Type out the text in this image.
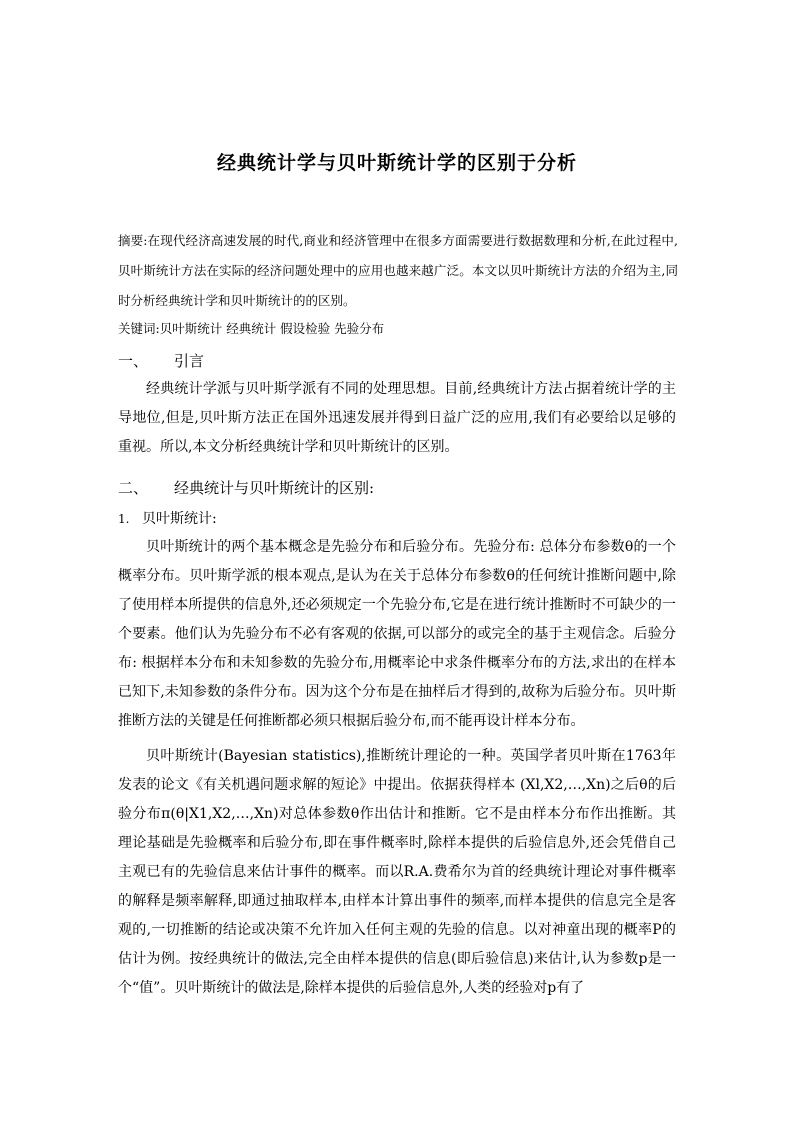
经典统计学与贝叶斯统计学的区别于分析

摘要:在现代经济高速发展的时代,商业和经济管理中在很多方面需要进行数据数理和分析,在此过程中,贝叶斯统计方法在实际的经济问题处理中的应用也越来越广泛。本文以贝叶斯统计方法的介绍为主,同时分析经典统计学和贝叶斯统计的的区别。

关键词:贝叶斯统计 经典统计 假设检验 先验分布
一、 引言

经典统计学派与贝叶斯学派有不同的处理思想。目前,经典统计方法占据着统计学的主导地位,但是,贝叶斯方法正在国外迅速发展并得到日益广泛的应用,我们有必要给以足够的重视。所以,本文分析经典统计学和贝叶斯统计的区别。

二、 经典统计与贝叶斯统计的区别:
1. 贝叶斯统计:

贝叶斯统计的两个基本概念是先验分布和后验分布。先验分布: 总体分布参数θ的一个概率分布。贝叶斯学派的根本观点,是认为在关于总体分布参数θ的任何统计推断问题中,除了使用样本所提供的信息外,还必须规定一个先验分布,它是在进行统计推断时不可缺少的一个要素。他们认为先验分布不必有客观的依据,可以部分的或完全的基于主观信念。后验分布: 根据样本分布和未知参数的先验分布,用概率论中求条件概率分布的方法,求出的在样本已知下,未知参数的条件分布。因为这个分布是在抽样后才得到的,故称为后验分布。贝叶斯推断方法的关键是任何推断都必须只根据后验分布,而不能再设计样本分布。

贝叶斯统计(Bayesian statistics),推断统计理论的一种。英国学者贝叶斯在1763年发表的论文《有关机遇问题求解的短论》中提出。依据获得样本 (Xl,X2,…,Xn)之后θ的后验分布π(θ|X1,X2,…,Xn)对总体参数θ作出估计和推断。它不是由样本分布作出推断。其理论基础是先验概率和后验分布,即在事件概率时,除样本提供的后验信息外,还会凭借自己主观已有的先验信息来估计事件的概率。而以R.A.费希尔为首的经典统计理论对事件概率的解释是频率解释,即通过抽取样本,由样本计算出事件的频率,而样本提供的信息完全是客观的,一切推断的结论或决策不允许加入任何主观的先验的信息。以对神童出现的概率P的估计为例。按经典统计的做法,完全由样本提供的信息(即后验信息)来估计,认为参数p是一个“值”。贝叶斯统计的做法是,除样本提供的后验信息外,人类的经验对p有了
